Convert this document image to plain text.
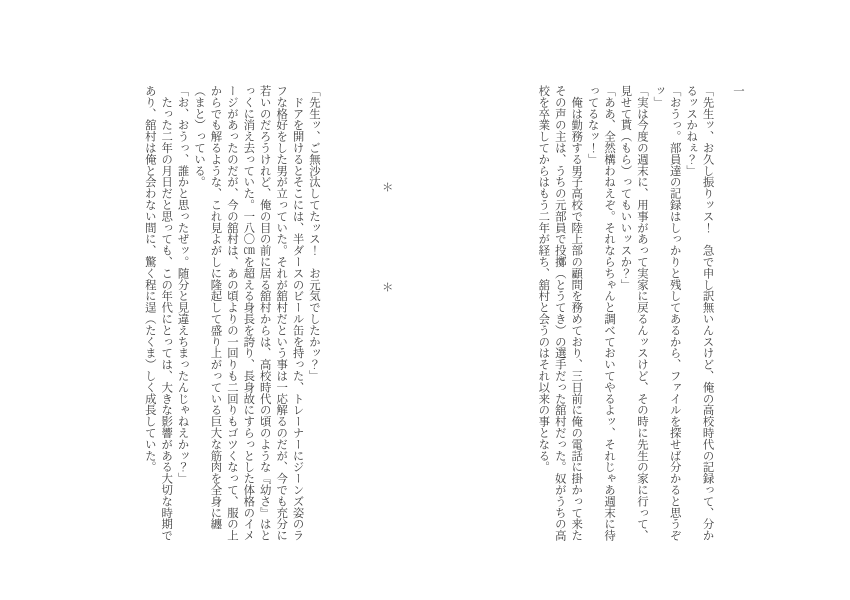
一

「先生ッ、お久し振りッス！　急で申し訳無いんスけど、俺の高校時代の記録って、分かるッスかねぇ？」

「おうっ。部員達の記録はしっかりと残してあるから、ファイルを探せば分かると思うぞッ」

「実は今度の週末に、用事があって実家に戻るんッスけど、その時に先生の家に行って、見せて貰（もら）ってもいいッスか？」

「ああ、全然構わねえぞ。それならちゃんと調べておいてやるよッ、それじゃあ週末に待ってるなッ！」

　俺は勤務する男子高校で陸上部の顧問を務めており、三日前に俺の電話に掛かって来たその声の主は、うちの元部員で投擲（とうてき）の選手だった舘村だった。奴がうちの高校を卒業してからはもう二年が経ち、舘村と会うのはそれ以来の事となる。

＊
＊

「先生ッ、ご無沙汰してたッス！　お元気でしたかッ？」

　ドアを開けるとそこには、半ダースのビール缶を持った、トレーナーにジーンズ姿のラフな格好をした男が立っていた。それが舘村だという事は一応解るのだが、今でも充分に若いのだろうけれど、俺の目の前に居る舘村からは、高校時代の頃のような『幼さ』はとっくに消え去っていた。一八〇㎝を超える身長を誇り、長身故にすらっとした体格のイメージがあったのだが、今の舘村は、あの頃よりの一回りも二回りもゴツくなって、服の上からでも解るような、これ見よがしに隆起して盛り上がっている巨大な筋肉を全身に纏（まと）っている。

「お、おうっ、誰かと思ったぜッ。随分と見違えちまったんじゃねえかッ？」

　たった二年の月日だと思っても、この年代にとっては、大きな影響がある大切な時期であり、舘村は俺と会わない間に、驚く程に逞（たくま）しく成長していた。
